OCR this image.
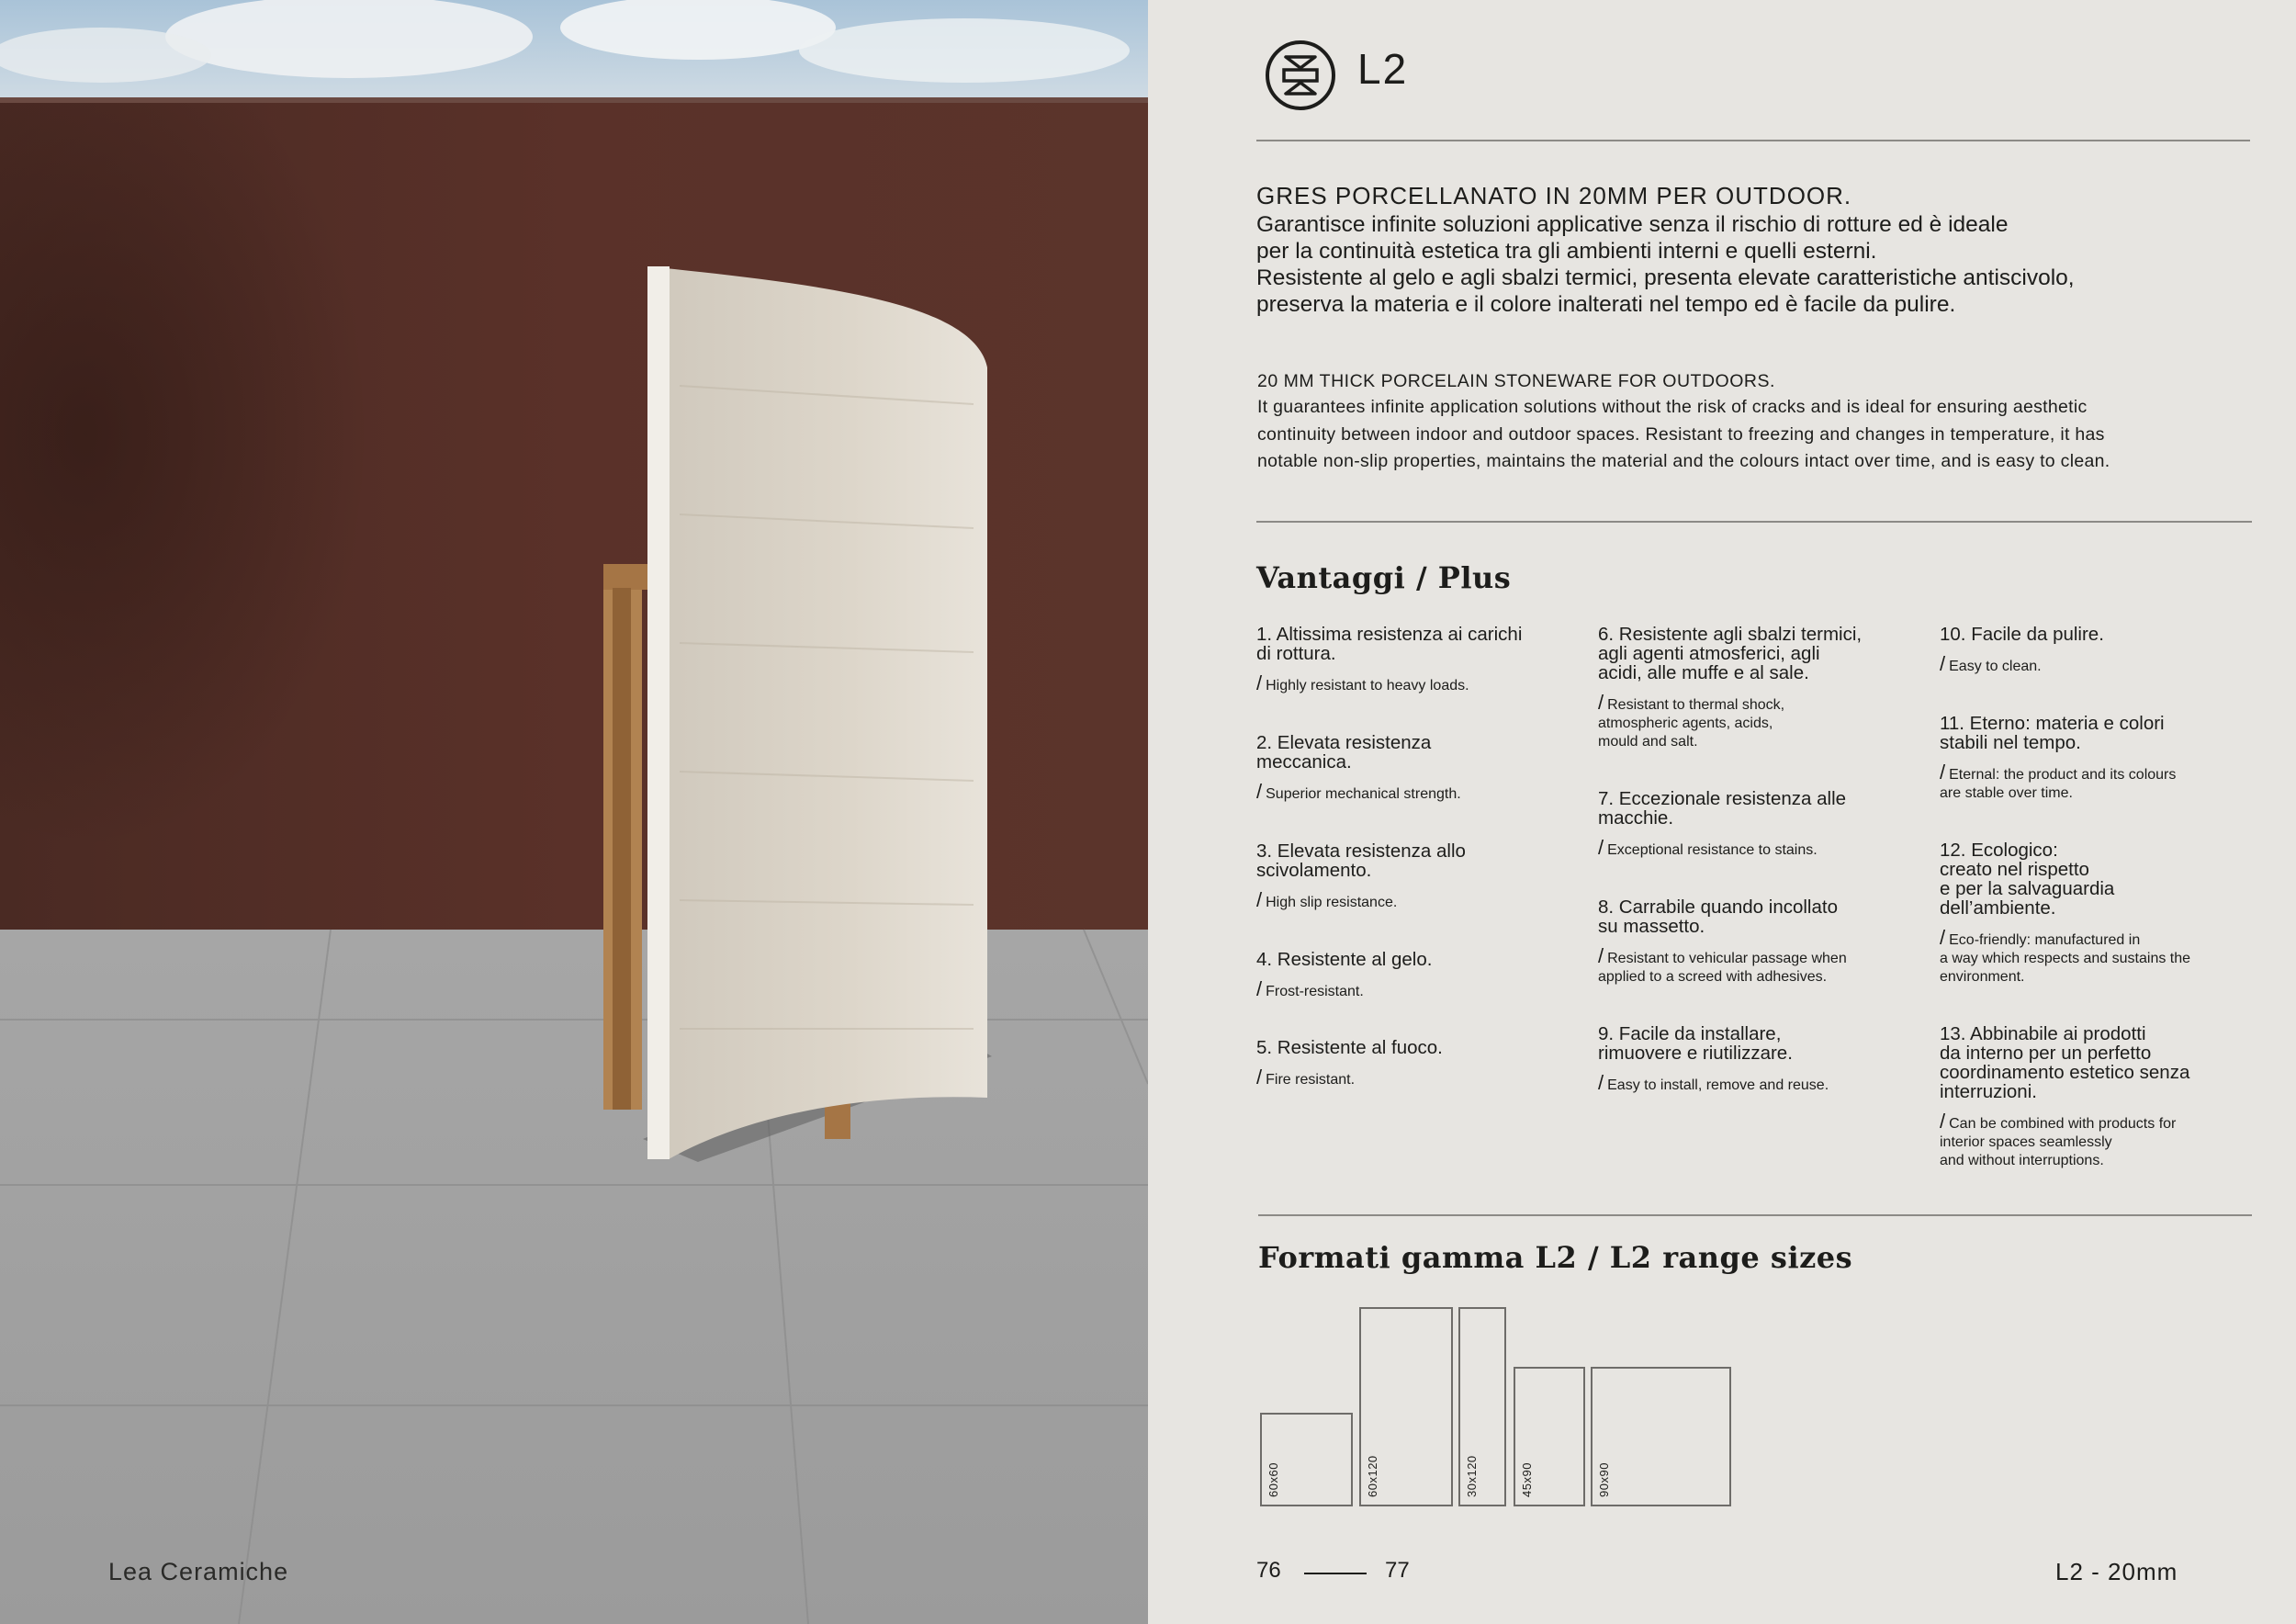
Lea Ceramiche
L2
GRES PORCELLANATO IN 20MM PER OUTDOOR.
Garantisce infinite soluzioni applicative senza il rischio di rotture ed è ideale
per la continuità estetica tra gli ambienti interni e quelli esterni.
Resistente al gelo e agli sbalzi termici, presenta elevate caratteristiche antiscivolo,
preserva la materia e il colore inalterati nel tempo ed è facile da pulire.
20 MM THICK PORCELAIN STONEWARE FOR OUTDOORS.
It guarantees infinite application solutions without the risk of cracks and is ideal for ensuring aesthetic
continuity between indoor and outdoor spaces. Resistant to freezing and changes in temperature, it has
notable non-slip properties, maintains the material and the colours intact over time, and is easy to clean.
Vantaggi / Plus
1. Altissima resistenza ai carichi
di rottura.
/ Highly resistant to heavy loads.
2. Elevata resistenza
meccanica.
/ Superior mechanical strength.
3. Elevata resistenza allo
scivolamento.
/ High slip resistance.
4. Resistente al gelo.
/ Frost-resistant.
5. Resistente al fuoco.
/ Fire resistant.
6. Resistente agli sbalzi termici,
agli agenti atmosferici, agli
acidi, alle muffe e al sale.
/ Resistant to thermal shock,
atmospheric agents, acids,
mould and salt.
7. Eccezionale resistenza alle
macchie.
/ Exceptional resistance to stains.
8. Carrabile quando incollato
su massetto.
/ Resistant to vehicular passage when
applied to a screed with adhesives.
9. Facile da installare,
rimuovere e riutilizzare.
/ Easy to install, remove and reuse.
10. Facile da pulire.
/ Easy to clean.
11. Eterno: materia e colori
stabili nel tempo.
/ Eternal: the product and its colours
are stable over time.
12. Ecologico:
creato nel rispetto
e per la salvaguardia
dell’ambiente.
/ Eco-friendly: manufactured in
a way which respects and sustains the
environment.
13. Abbinabile ai prodotti
da interno per un perfetto
coordinamento estetico senza
interruzioni.
/ Can be combined with products for
interior spaces seamlessly
and without interruptions.
Formati gamma L2 / L2 range sizes
60x60	60x120	30x120	45x90	90x90
76	77	L2 - 20mm
